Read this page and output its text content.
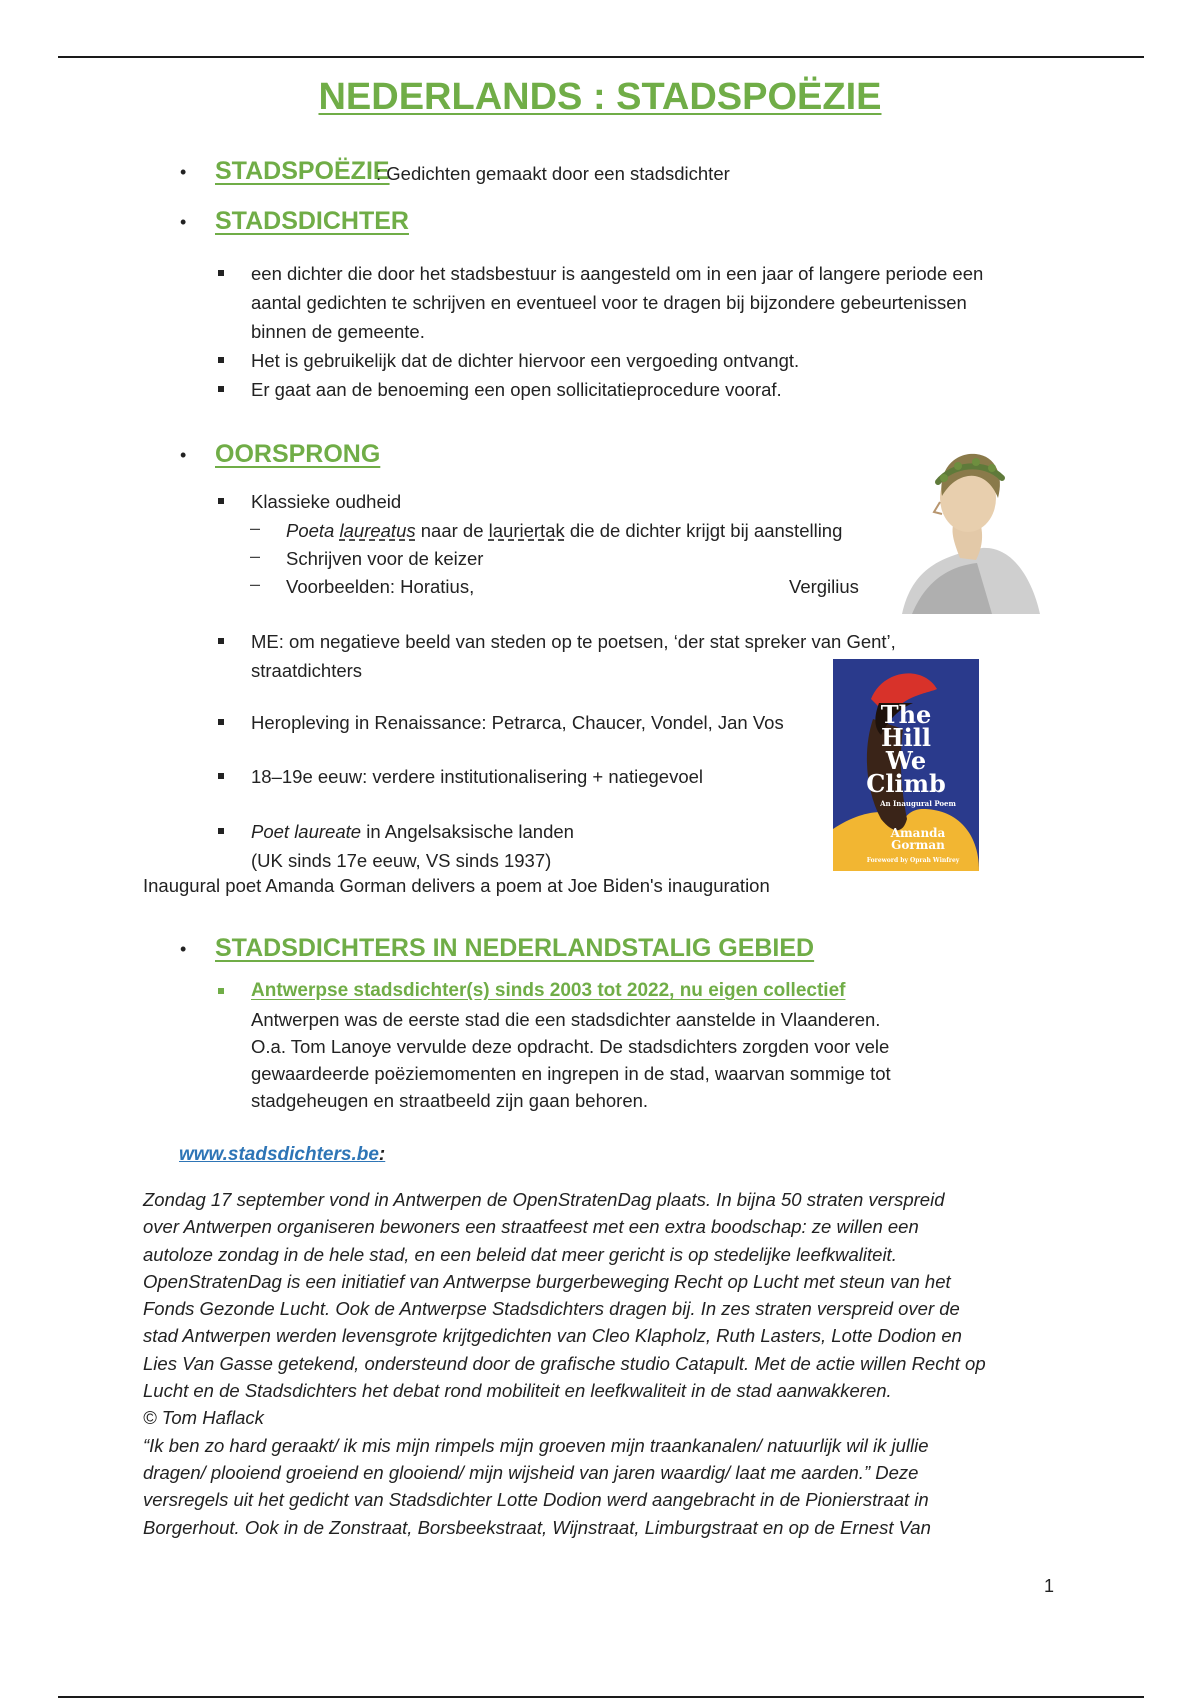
NEDERLANDS : STADSPOËZIE
• STADSPOËZIE
: Gedichten gemaakt door een stadsdichter
• STADSDICHTER
een dichter die door het stadsbestuur is aangesteld om in een jaar of langere periode een
aantal gedichten te schrijven en eventueel voor te dragen bij bijzondere gebeurtenissen
binnen de gemeente.
Het is gebruikelijk dat de dichter hiervoor een vergoeding ontvangt.
Er gaat aan de benoeming een open sollicitatieprocedure vooraf.
• OORSPRONG
Klassieke oudheid
– Poeta laureatus naar de lauriertak die de dichter krijgt bij aanstelling
– Schrijven voor de keizer
– Voorbeelden: Horatius,	Vergilius
ME: om negatieve beeld van steden op te poetsen, ‘der stat spreker van Gent’,
straatdichters
Heropleving in Renaissance: Petrarca, Chaucer, Vondel, Jan Vos
18–19e eeuw: verdere institutionalisering + natiegevoel
Poet laureate in Angelsaksische landen
(UK sinds 17e eeuw, VS sinds 1937)
The
Hill
We
Climb
An Inaugural Poem
Amanda
Gorman
Foreword by Oprah Winfrey
Inaugural poet Amanda Gorman delivers a poem at Joe Biden's inauguration
• STADSDICHTERS IN NEDERLANDSTALIG GEBIED
Antwerpse stadsdichter(s) sinds 2003 tot 2022, nu eigen collectief
Antwerpen was de eerste stad die een stadsdichter aanstelde in Vlaanderen.
O.a. Tom Lanoye vervulde deze opdracht. De stadsdichters zorgden voor vele
gewaardeerde poëziemomenten en ingrepen in de stad, waarvan sommige tot
stadgeheugen en straatbeeld zijn gaan behoren.
www.stadsdichters.be:
Zondag 17 september vond in Antwerpen de OpenStratenDag plaats. In bijna 50 straten verspreid
over Antwerpen organiseren bewoners een straatfeest met een extra boodschap: ze willen een
autoloze zondag in de hele stad, en een beleid dat meer gericht is op stedelijke leefkwaliteit.
OpenStratenDag is een initiatief van Antwerpse burgerbeweging Recht op Lucht met steun van het
Fonds Gezonde Lucht. Ook de Antwerpse Stadsdichters dragen bij. In zes straten verspreid over de
stad Antwerpen werden levensgrote krijtgedichten van Cleo Klapholz, Ruth Lasters, Lotte Dodion en
Lies Van Gasse getekend, ondersteund door de grafische studio Catapult. Met de actie willen Recht op
Lucht en de Stadsdichters het debat rond mobiliteit en leefkwaliteit in de stad aanwakkeren.
© Tom Haflack
“Ik ben zo hard geraakt/ ik mis mijn rimpels mijn groeven mijn traankanalen/ natuurlijk wil ik jullie
dragen/ plooiend groeiend en glooiend/ mijn wijsheid van jaren waardig/ laat me aarden.” Deze
versregels uit het gedicht van Stadsdichter Lotte Dodion werd aangebracht in de Pionierstraat in
Borgerhout. Ook in de Zonstraat, Borsbeekstraat, Wijnstraat, Limburgstraat en op de Ernest Van
1
